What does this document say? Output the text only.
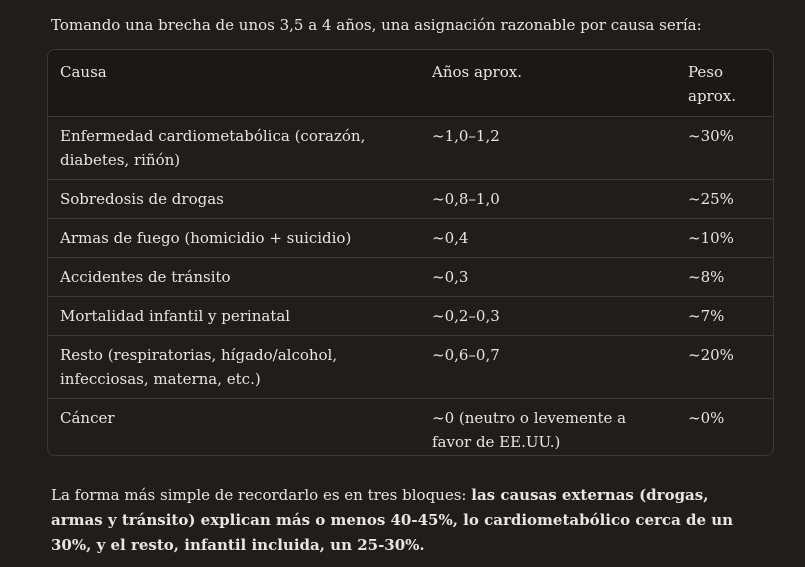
Tomando una brecha de unos 3,5 a 4 años, una asignación razonable por causa sería:

Causa	Años aprox.	Peso aprox.
Enfermedad cardiometabólica (corazón, diabetes, riñón)	~1,0–1,2	~30%
Sobredosis de drogas	~0,8–1,0	~25%
Armas de fuego (homicidio + suicidio)	~0,4	~10%
Accidentes de tránsito	~0,3	~8%
Mortalidad infantil y perinatal	~0,2–0,3	~7%
Resto (respiratorias, hígado/alcohol, infecciosas, materna, etc.)	~0,6–0,7	~20%
Cáncer	~0 (neutro o levemente a favor de EE.UU.)	~0%

La forma más simple de recordarlo es en tres bloques: las causas externas (drogas, armas y tránsito) explican más o menos 40-45%, lo cardiometabólico cerca de un 30%, y el resto, infantil incluida, un 25-30%.
